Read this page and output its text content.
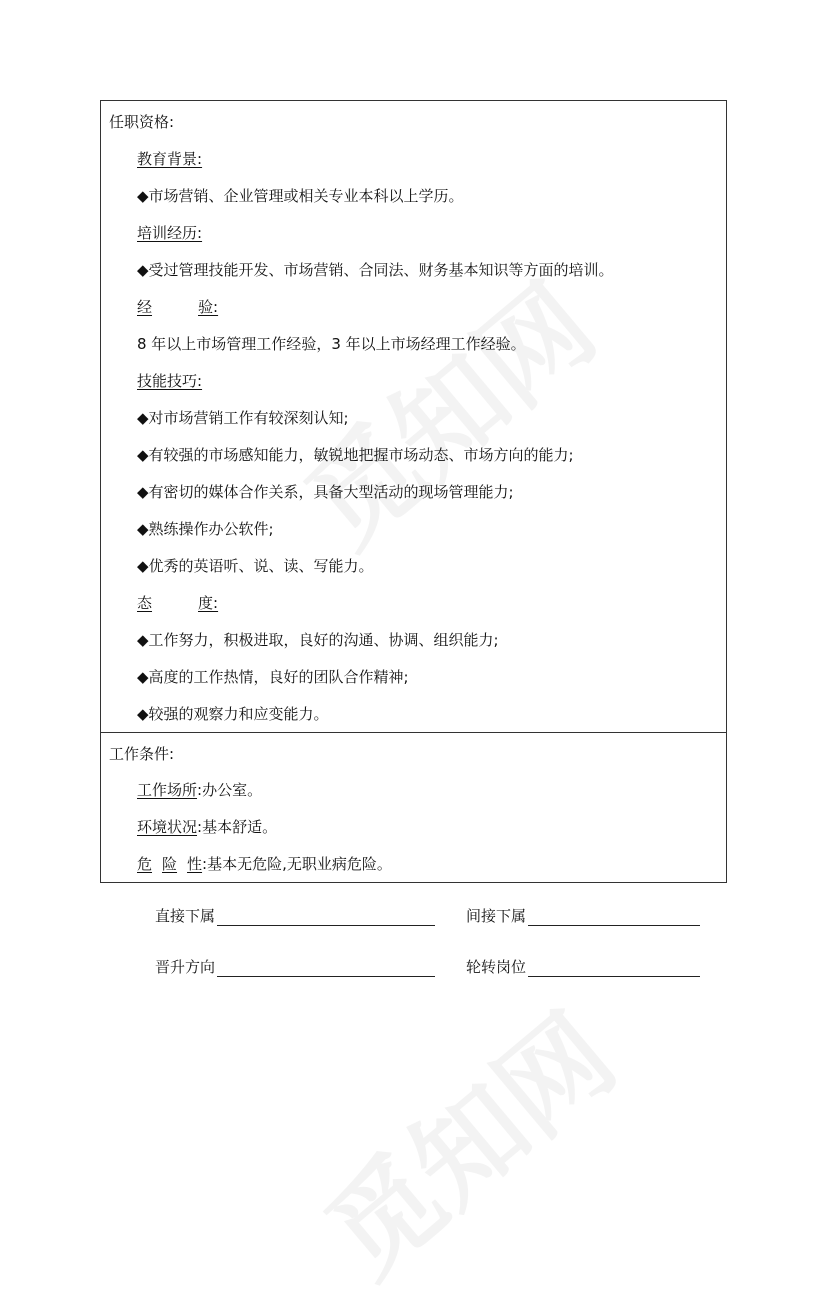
任职资格:
教育背景:
◆市场营销、企业管理或相关专业本科以上学历。
培训经历:
◆受过管理技能开发、市场营销、合同法、财务基本知识等方面的培训。
经	验:
8 年以上市场管理工作经验，3 年以上市场经理工作经验。
技能技巧:
◆对市场营销工作有较深刻认知;
◆有较强的市场感知能力，敏锐地把握市场动态、市场方向的能力;
◆有密切的媒体合作关系，具备大型活动的现场管理能力;
◆熟练操作办公软件;
◆优秀的英语听、说、读、写能力。
态	度:
◆工作努力，积极进取，良好的沟通、协调、组织能力;
◆高度的工作热情，良好的团队合作精神;
◆较强的观察力和应变能力。
工作条件:
工作场所:办公室。
环境状况:基本舒适。
危 险 性:基本无危险,无职业病危险。
直接下属	间接下属
晋升方向	轮转岗位
